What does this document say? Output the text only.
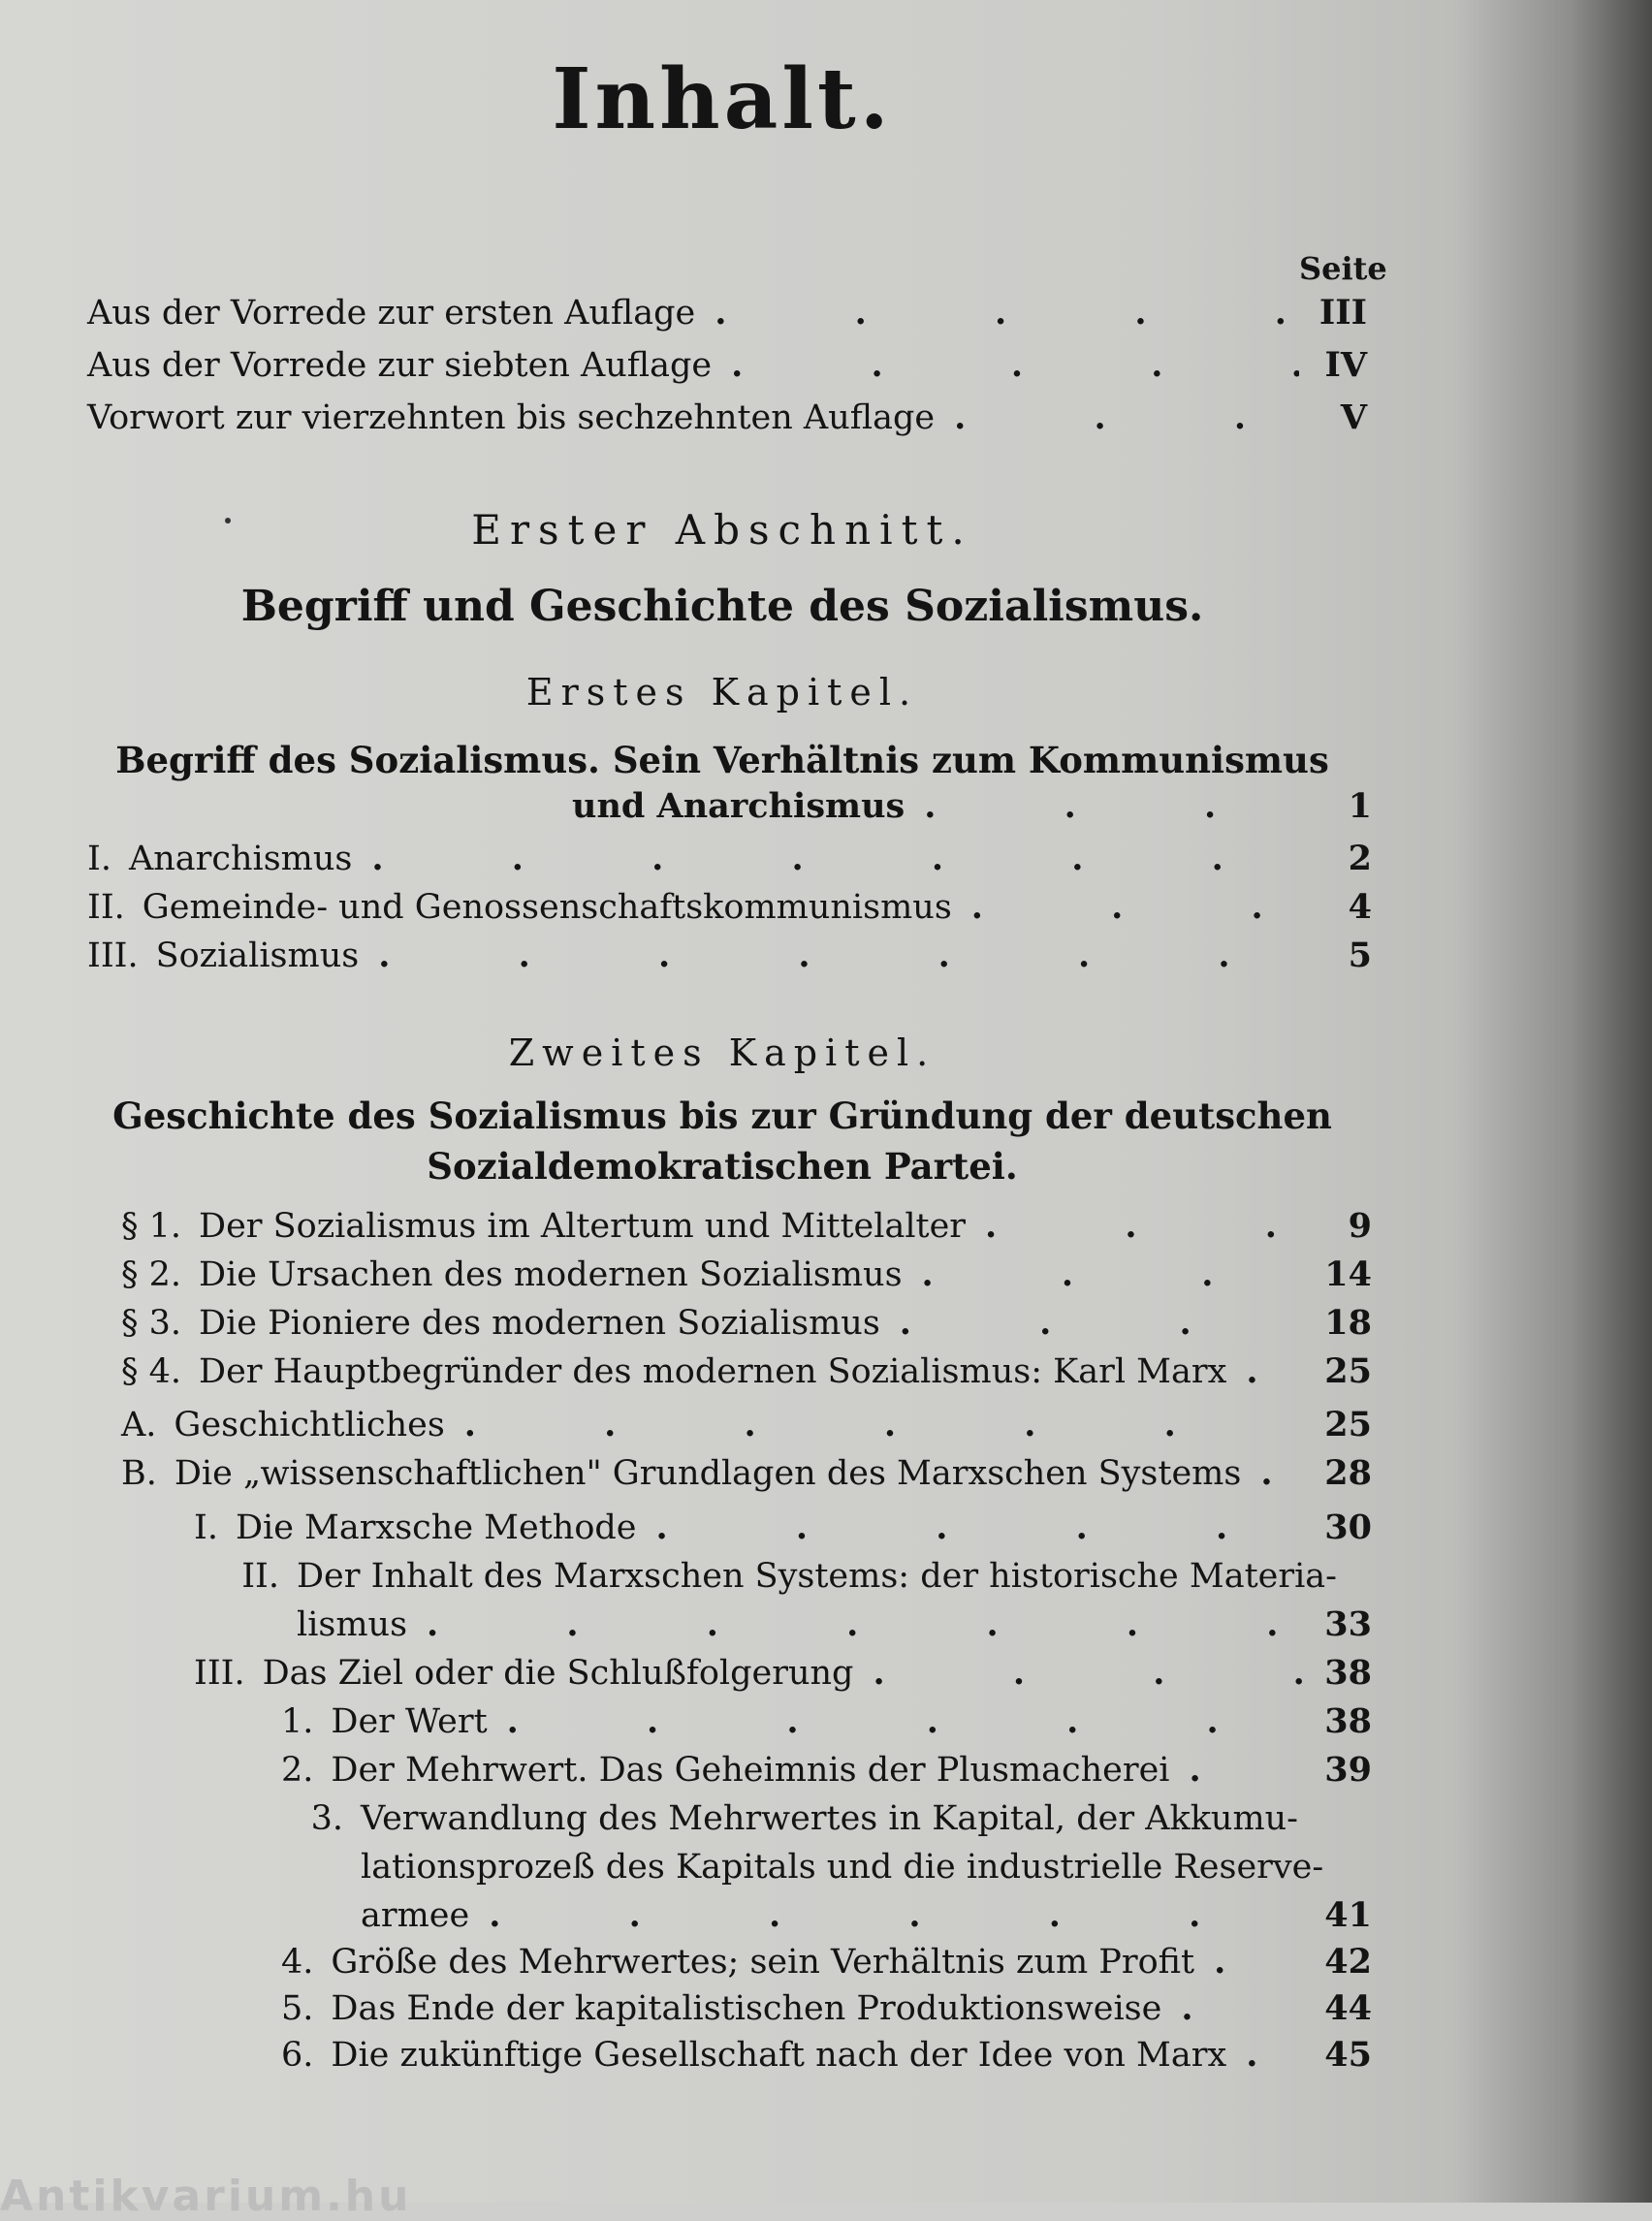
Inhalt.
Seite
Aus der Vorrede zur ersten Auflage . . .	III
Aus der Vorrede zur siebten Auflage . . .	IV
Vorwort zur vierzehnten bis sechzehnten Auflage . . .	V
Erster Abschnitt.
Begriff und Geschichte des Sozialismus.
Erstes Kapitel.
Begriff des Sozialismus. Sein Verhältnis zum Kommunismus
und Anarchismus . . .	1
I. Anarchismus . . .	2
II. Gemeinde- und Genossenschaftskommunismus . . .	4
III. Sozialismus . . .	5
Zweites Kapitel.
Geschichte des Sozialismus bis zur Gründung der deutschen
Sozialdemokratischen Partei.
§ 1. Der Sozialismus im Altertum und Mittelalter . . .	9
§ 2. Die Ursachen des modernen Sozialismus . . .	14
§ 3. Die Pioniere des modernen Sozialismus . . .	18
§ 4. Der Hauptbegründer des modernen Sozialismus: Karl Marx . . .	25
A. Geschichtliches . . .	25
B. Die „wissenschaftlichen" Grundlagen des Marxschen Systems . . .	28
I. Die Marxsche Methode . . .	30
II. Der Inhalt des Marxschen Systems: der historische Materia-
lismus . . .	33
III. Das Ziel oder die Schlußfolgerung . . .	38
1. Der Wert . . .	38
2. Der Mehrwert. Das Geheimnis der Plusmacherei . . .	39
3. Verwandlung des Mehrwertes in Kapital, der Akkumu-
lationsprozeß des Kapitals und die industrielle Reserve-
armee . . .	41
4. Größe des Mehrwertes; sein Verhältnis zum Profit . . .	42
5. Das Ende der kapitalistischen Produktionsweise . . .	44
6. Die zukünftige Gesellschaft nach der Idee von Marx . . .	45
Antikvarium.hu
